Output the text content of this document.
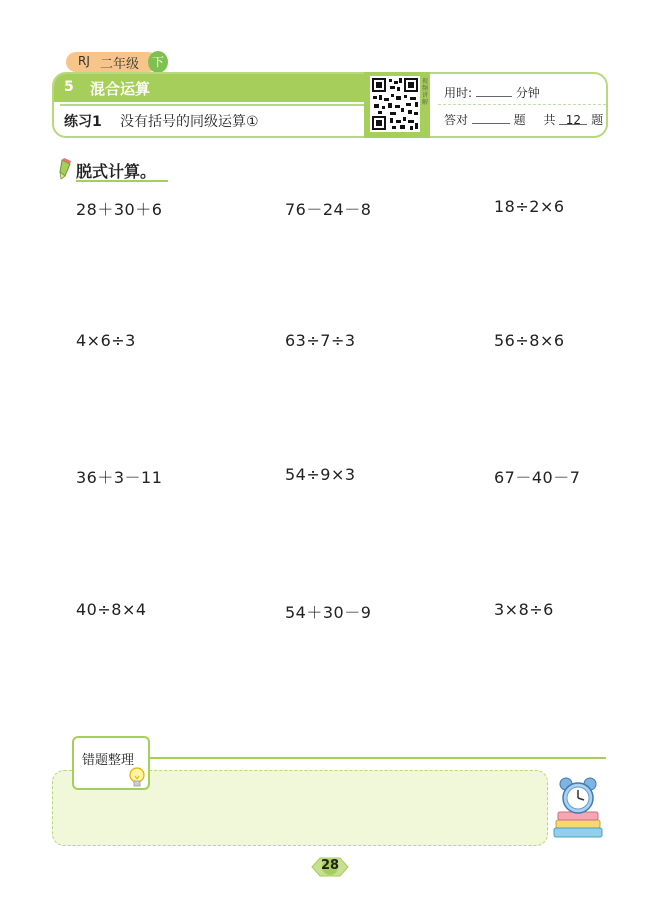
RJ 二年级	下
5 混合运算
练习1 没有括号的同级运算①
视频讲解
用时:	分钟
答对	题 共 12 题
脱式计算。
28＋30＋6	76－24－8	18÷2×6
4×6÷3	63÷7÷3	56÷8×6
36＋3－11	54÷9×3	67－40－7
40÷8×4	54＋30－9	3×8÷6
错题整理
28
